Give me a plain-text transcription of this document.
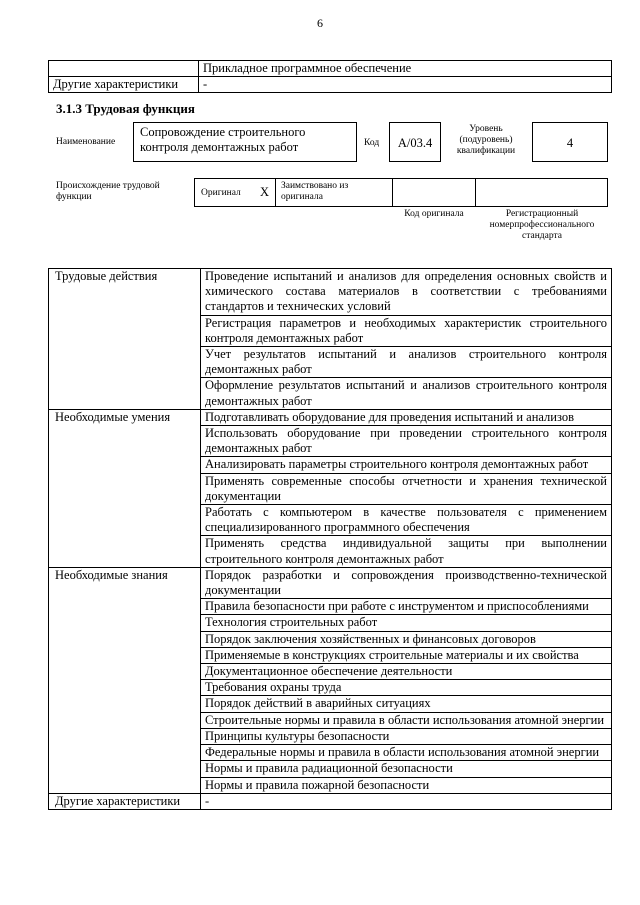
6
	Прикладное программное обеспечение
Другие характеристики	-
3.1.3 Трудовая функция
Наименование
Сопровождение строительного контроля демонтажных работ	Код	A/03.4
Уровень (подуровень) квалификации
4
Происхождение трудовой функции	Оригинал X Заимствовано из оригинала
Код оригинала	Регистрационный номерпрофессионального стандарта
Трудовые действия	Проведение испытаний и анализов для определения основных свойств и химического состава материалов в соответствии с требованиями стандартов и технических условий
	Регистрация параметров и необходимых характеристик строительного контроля демонтажных работ
	Учет результатов испытаний и анализов строительного контроля демонтажных работ
	Оформление результатов испытаний и анализов строительного контроля демонтажных работ
Необходимые умения	Подготавливать оборудование для проведения испытаний и анализов
	Использовать оборудование при проведении строительного контроля демонтажных работ
	Анализировать параметры строительного контроля демонтажных работ
	Применять современные способы отчетности и хранения технической документации
	Работать с компьютером в качестве пользователя с применением специализированного программного обеспечения
	Применять средства индивидуальной защиты при выполнении строительного контроля демонтажных работ
Необходимые знания	Порядок разработки и сопровождения производственно-технической документации
	Правила безопасности при работе с инструментом и приспособлениями
	Технология строительных работ
	Порядок заключения хозяйственных и финансовых договоров
	Применяемые в конструкциях строительные материалы и их свойства
	Документационное обеспечение деятельности
	Требования охраны труда
	Порядок действий в аварийных ситуациях
	Строительные нормы и правила в области использования атомной энергии
	Принципы культуры безопасности
	Федеральные нормы и правила в области использования атомной энергии
	Нормы и правила радиационной безопасности
	Нормы и правила пожарной безопасности
Другие характеристики	-
